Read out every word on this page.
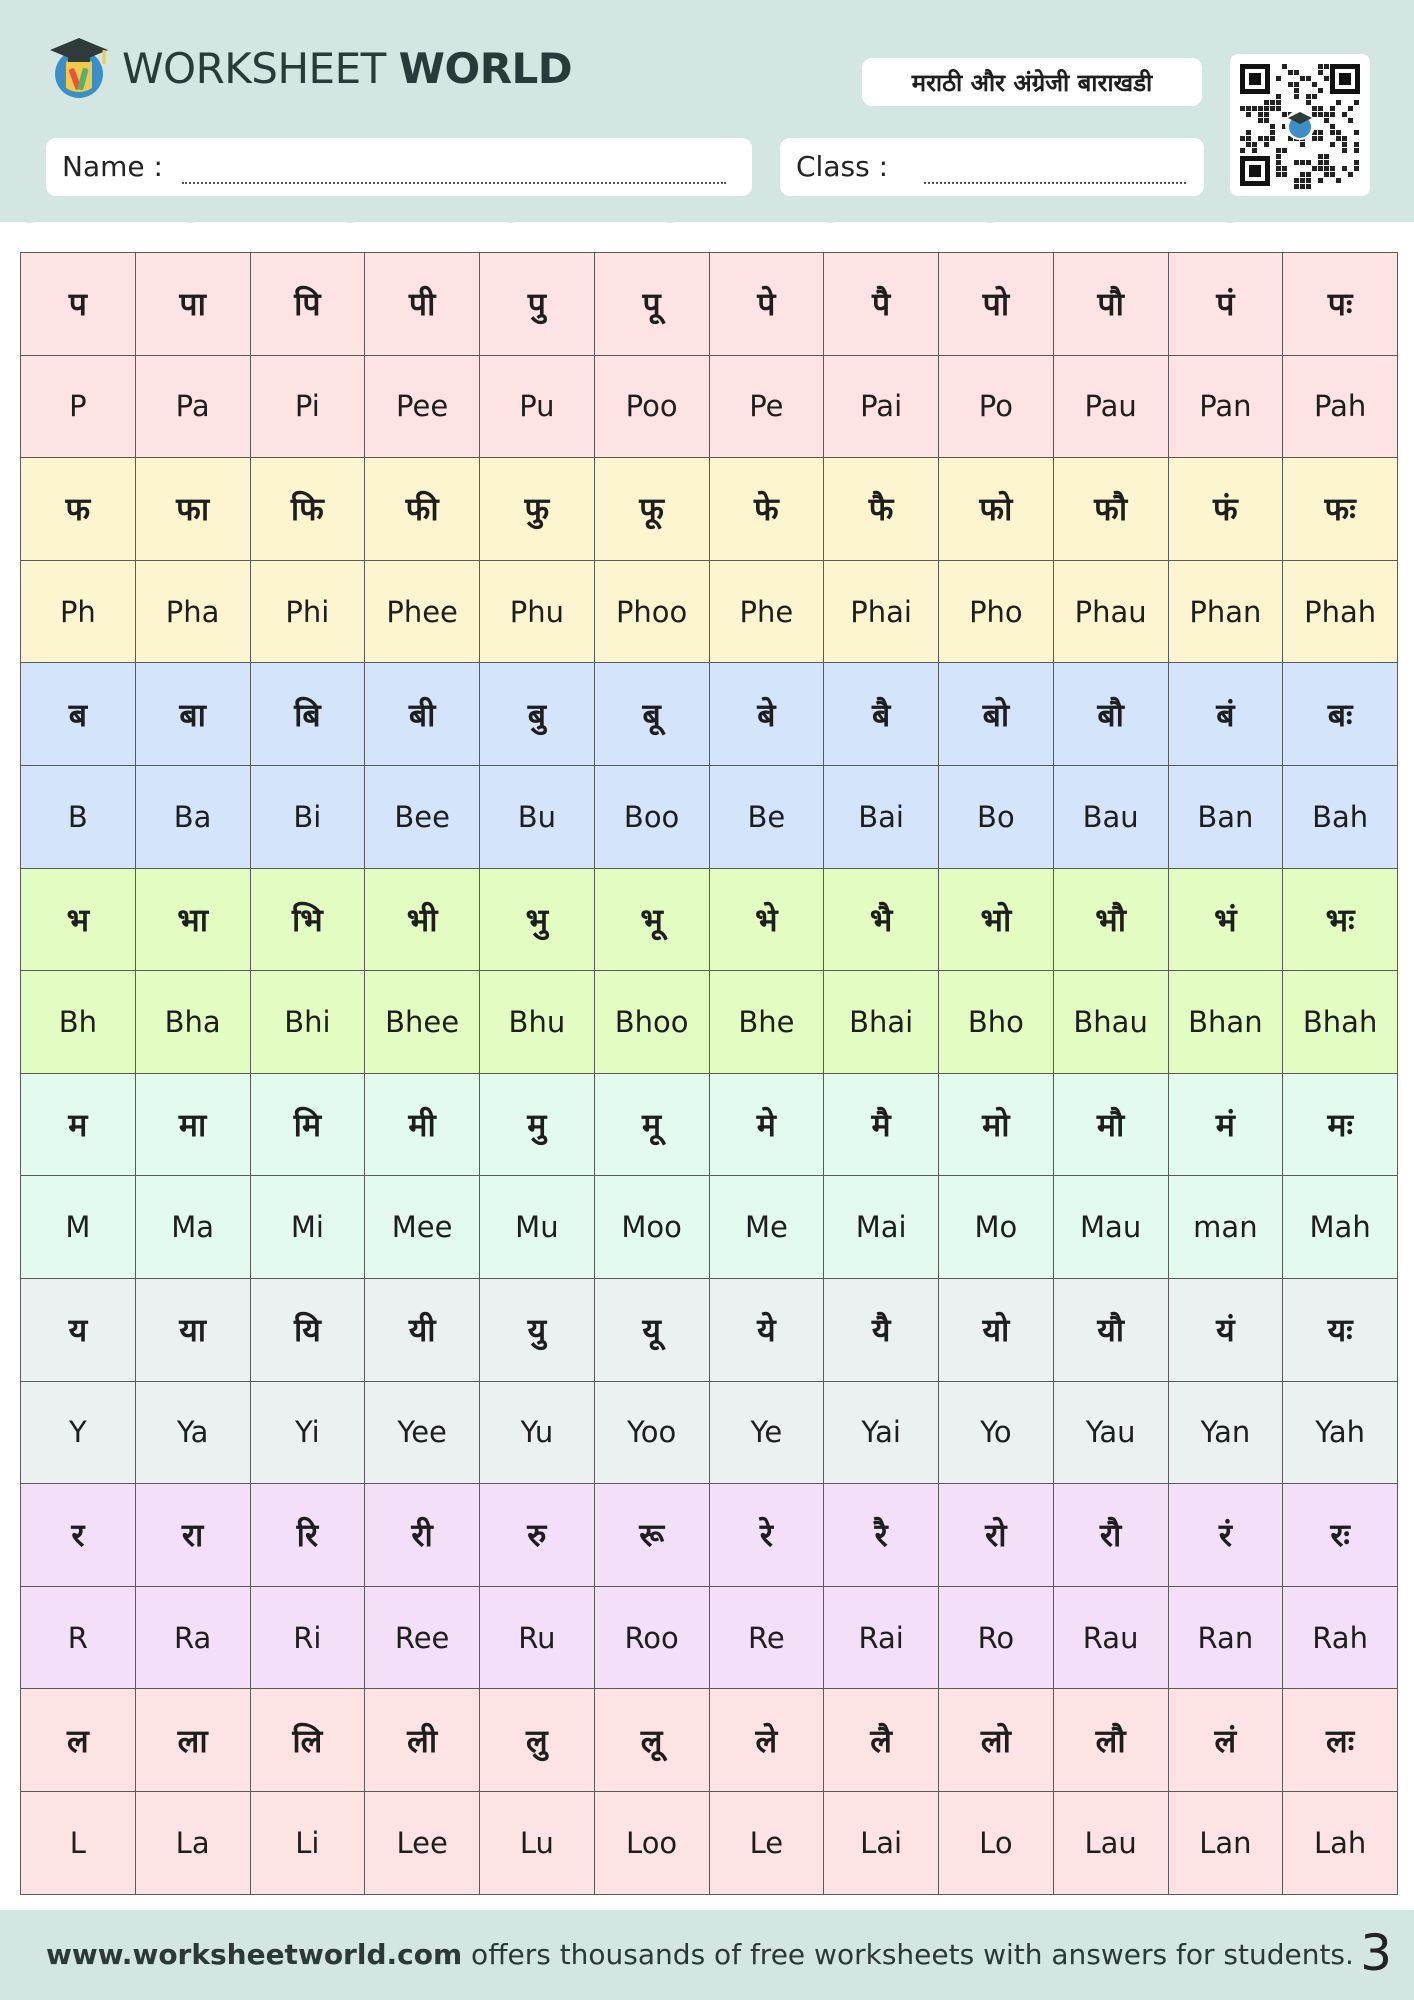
WORKSHEET WORLD	मराठी और अंग्रेजी बाराखडी
Name :	Class :
प	पा	पि	पी	पु	पू	पे	पै	पो	पौ	पं	पः
P	Pa	Pi	Pee	Pu	Poo	Pe	Pai	Po	Pau	Pan	Pah
फ	फा	फि	फी	फु	फू	फे	फै	फो	फौ	फं	फः
Ph	Pha	Phi	Phee	Phu	Phoo	Phe	Phai	Pho	Phau	Phan	Phah
ब	बा	बि	बी	बु	बू	बे	बै	बो	बौ	बं	बः
B	Ba	Bi	Bee	Bu	Boo	Be	Bai	Bo	Bau	Ban	Bah
भ	भा	भि	भी	भु	भू	भे	भै	भो	भौ	भं	भः
Bh	Bha	Bhi	Bhee	Bhu	Bhoo	Bhe	Bhai	Bho	Bhau	Bhan	Bhah
म	मा	मि	मी	मु	मू	मे	मै	मो	मौ	मं	मः
M	Ma	Mi	Mee	Mu	Moo	Me	Mai	Mo	Mau	man	Mah
य	या	यि	यी	यु	यू	ये	यै	यो	यौ	यं	यः
Y	Ya	Yi	Yee	Yu	Yoo	Ye	Yai	Yo	Yau	Yan	Yah
र	रा	रि	री	रु	रू	रे	रै	रो	रौ	रं	रः
R	Ra	Ri	Ree	Ru	Roo	Re	Rai	Ro	Rau	Ran	Rah
ल	ला	लि	ली	लु	लू	ले	लै	लो	लौ	लं	लः
L	La	Li	Lee	Lu	Loo	Le	Lai	Lo	Lau	Lan	Lah
www.worksheetworld.com offers thousands of free worksheets with answers for students. 3
